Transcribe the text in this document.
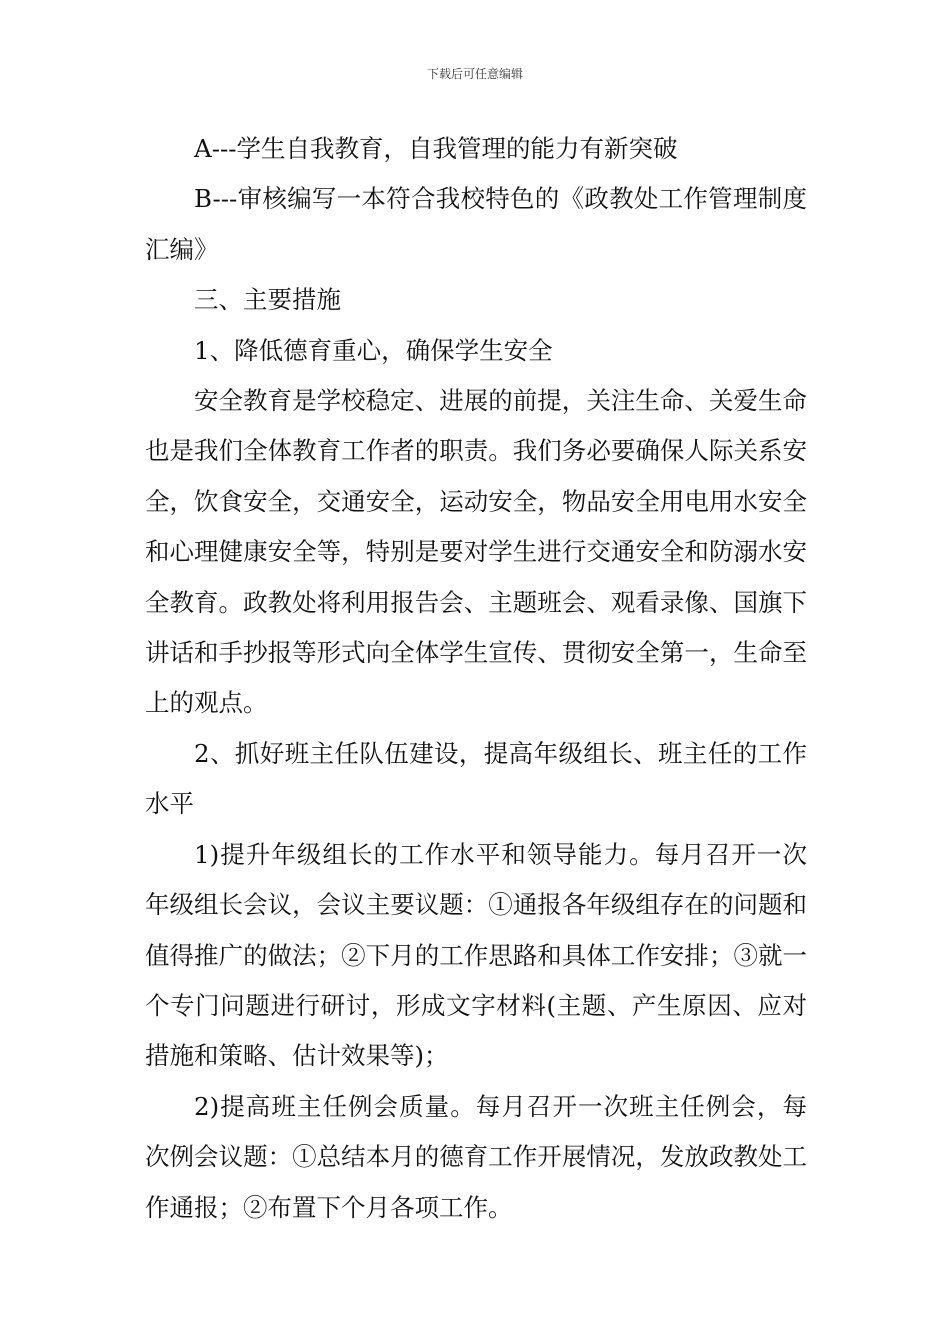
下载后可任意编辑

A---学生自我教育，自我管理的能力有新突破

B---审核编写一本符合我校特色的《政教处工作管理制度汇编》

三、主要措施

1、降低德育重心，确保学生安全

安全教育是学校稳定、进展的前提，关注生命、关爱生命也是我们全体教育工作者的职责。我们务必要确保人际关系安全，饮食安全，交通安全，运动安全，物品安全用电用水安全和心理健康安全等，特别是要对学生进行交通安全和防溺水安全教育。政教处将利用报告会、主题班会、观看录像、国旗下讲话和手抄报等形式向全体学生宣传、贯彻安全第一，生命至上的观点。

2、抓好班主任队伍建设，提高年级组长、班主任的工作水平

1)提升年级组长的工作水平和领导能力。每月召开一次年级组长会议，会议主要议题：①通报各年级组存在的问题和值得推广的做法；②下月的工作思路和具体工作安排；③就一个专门问题进行研讨，形成文字材料(主题、产生原因、应对措施和策略、估计效果等)；

2)提高班主任例会质量。每月召开一次班主任例会，每次例会议题：①总结本月的德育工作开展情况，发放政教处工作通报；②布置下个月各项工作。
